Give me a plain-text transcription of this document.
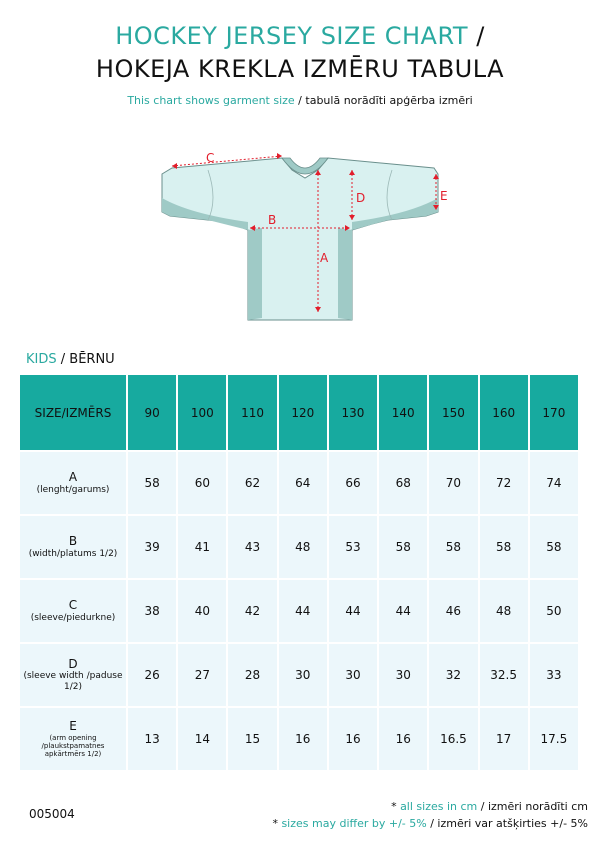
HOCKEY JERSEY SIZE CHART /
HOKEJA KREKLA IZMĒRU TABULA
This chart shows garment size / tabulā norādīti apģērba izmēri
C
B
A
D	E
KIDS / BĒRNU
SIZE/IZMĒRS	90	100	110	120	130	140	150	160	170

A
(lenght/garums)	58	60	62	64	66	68	70	72	74

B
(width/platums 1/2)	39	41	43	48	53	58	58	58	58

C
(sleeve/piedurkne)	38	40	42	44	44	44	46	48	50

D
(sleeve width /paduse 1/2)	26	27	28	30	30	30	32	32.5	33

E
(arm opening /plaukstpamatnes apkārtmērs 1/2)	13	14	15	16	16	16	16.5	17	17.5
005004
* all sizes in cm / izmēri norādīti cm
* sizes may differ by +/- 5% / izmēri var atšķirties +/- 5%
